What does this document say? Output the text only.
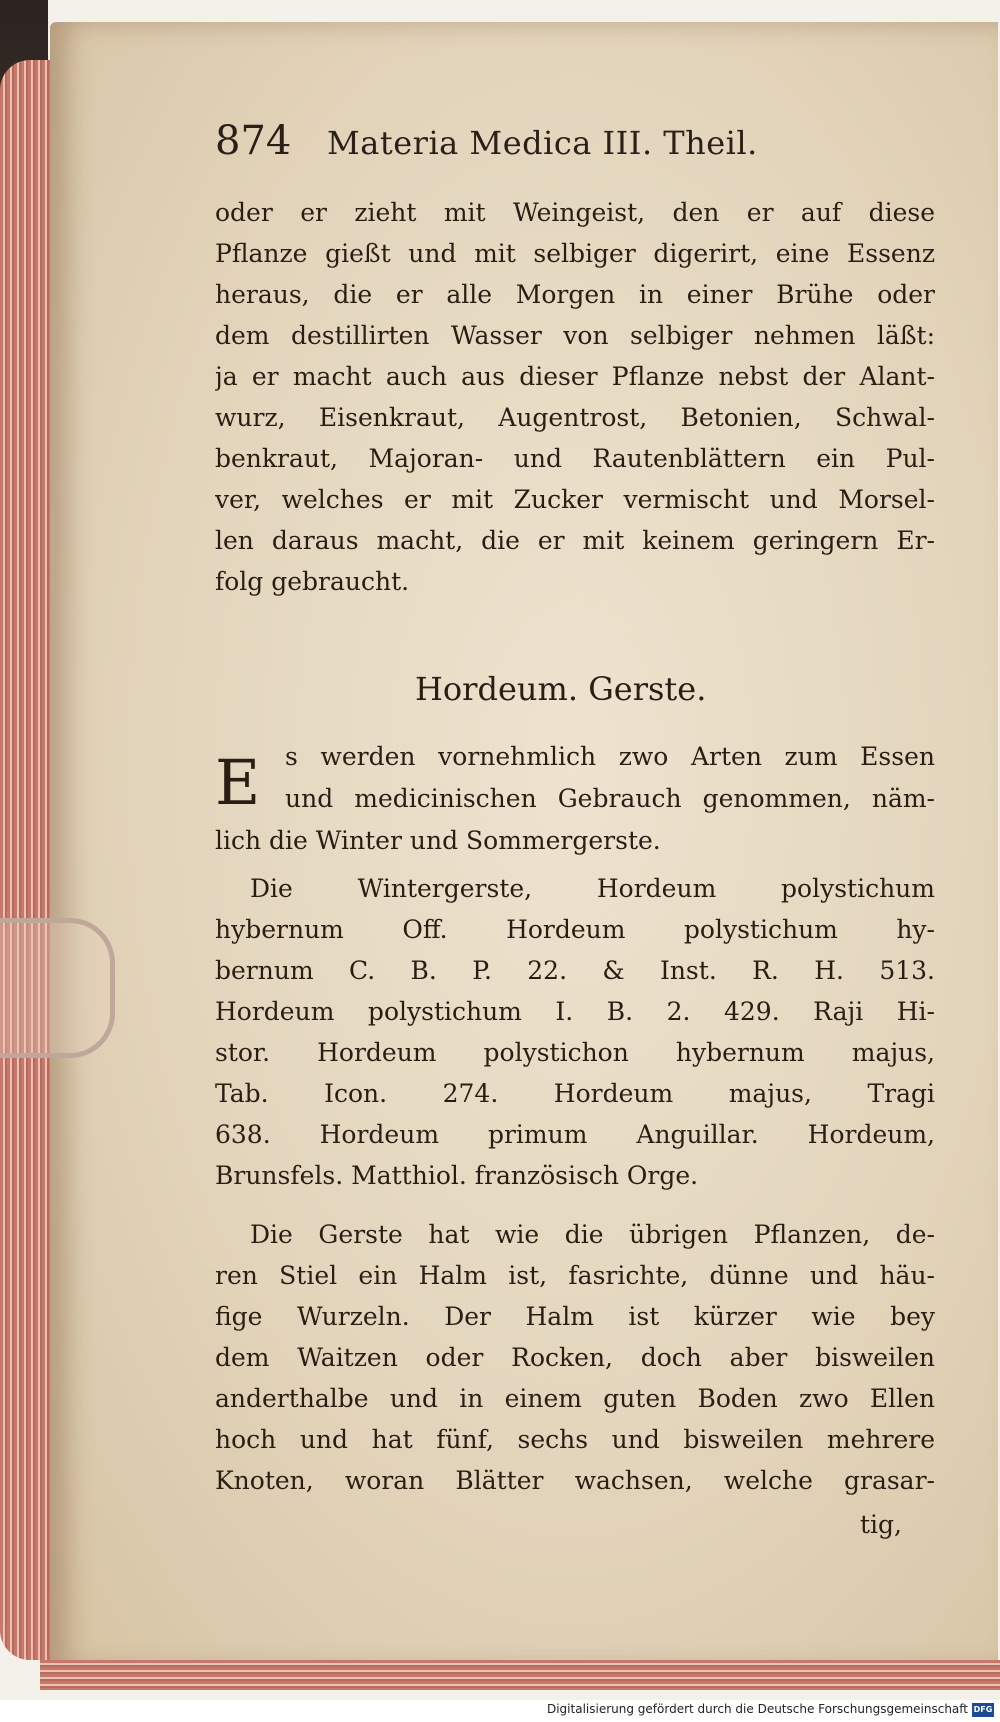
874 Materia Medica III. Theil.
oder er zieht mit Weingeist, den er auf diese
Pflanze gießt und mit selbiger digerirt, eine Essenz
heraus, die er alle Morgen in einer Brühe oder
dem destillirten Wasser von selbiger nehmen läßt:
ja er macht auch aus dieser Pflanze nebst der Alant-
wurz, Eisenkraut, Augentrost, Betonien, Schwal-
benkraut, Majoran- und Rautenblättern ein Pul-
ver, welches er mit Zucker vermischt und Morsel-
len daraus macht, die er mit keinem geringern Er-
folg gebraucht.
Hordeum. Gerste.
E s werden vornehmlich zwo Arten zum Essen
und medicinischen Gebrauch genommen, näm-
lich die Winter und Sommergerste.
Die Wintergerste, Hordeum polystichum
hybernum Off. Hordeum polystichum hy-
bernum C. B. P. 22. & Inst. R. H. 513.
Hordeum polystichum I. B. 2. 429. Raji Hi-
stor. Hordeum polystichon hybernum majus,
Tab. Icon. 274. Hordeum majus, Tragi
638. Hordeum primum Anguillar. Hordeum,
Brunsfels. Matthiol. französisch Orge.
Die Gerste hat wie die übrigen Pflanzen, de-
ren Stiel ein Halm ist, fasrichte, dünne und häu-
fige Wurzeln. Der Halm ist kürzer wie bey
dem Waitzen oder Rocken, doch aber bisweilen
anderthalbe und in einem guten Boden zwo Ellen
hoch und hat fünf, sechs und bisweilen mehrere
Knoten, woran Blätter wachsen, welche grasar-
tig,
Digitalisierung gefördert durch die Deutsche Forschungsgemeinschaft DFG
